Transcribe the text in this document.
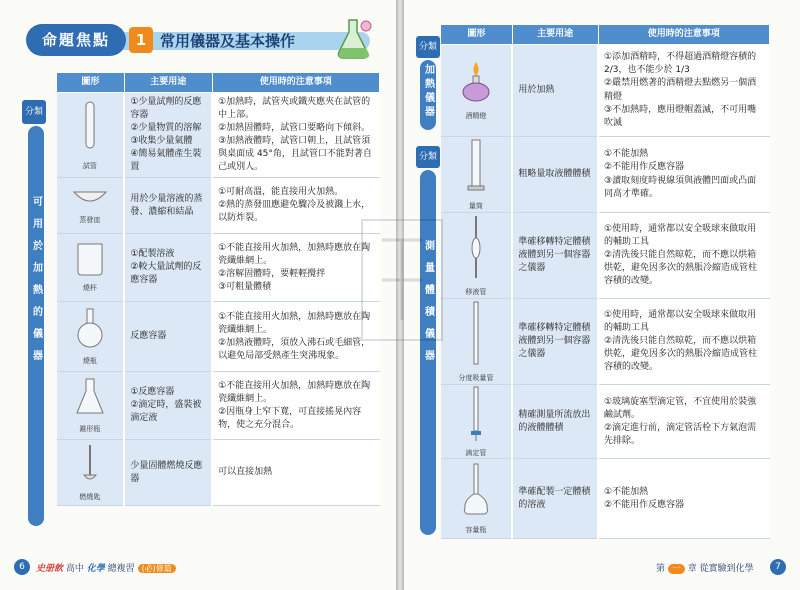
命題焦點	1 常用儀器及基本操作
分類
可用於加熱的儀器
圖形	主要用途	使用時的注意事項

試管	①少量試劑的反應容器
②少量物質的溶解
③收集少量氣體
④簡易氣體產生裝置	①加熱時，試管夾或鐵夾應夾在試管的中上部。
②加熱固體時，試管口要略向下傾斜。
③加熱液體時，試管口朝上，且試管須與桌面成 45°角，且試管口不能對著自己或別人。

蒸發皿	用於少量溶液的蒸發、濃縮和結晶	①可耐高溫，能直接用火加熱。
②熱的蒸發皿應避免驟冷及被濺上水，以防炸裂。

燒杯	①配製溶液
②較大量試劑的反應容器	①不能直接用火加熱，加熱時應放在陶瓷纖維網上。
②溶解固體時，要輕輕攪拌
③可粗量體積

燒瓶	反應容器	①不能直接用火加熱，加熱時應放在陶瓷纖維網上。
②加熱液體時，須放入沸石或毛細管，以避免局部受熱產生突沸現象。

錐形瓶	①反應容器
②滴定時，盛裝被滴定液	①不能直接用火加熱，加熱時應放在陶瓷纖維網上。
②因瓶身上窄下寬，可直接搖晃內容物，使之充分混合。

燃燒匙	少量固體燃燒反應器	可以直接加熱
6	史册飲 高中 化學 總複習 (必)修篇
分類
加熱儀器
分類
測量體積儀器
圖形	主要用途	使用時的注意事項

酒精燈	用於加熱	①添加酒精時，不得超過酒精燈容積的 2/3，也不能少於 1/3
②嚴禁用燃著的酒精燈去點燃另一個酒精燈
③不加熱時，應用燈帽蓋滅，不可用嘴吹滅

量筒	粗略量取液體體積	①不能加熱
②不能用作反應容器
③讀取刻度時視線須與液體凹面或凸面同高才準確。

移液管	準確移轉特定體積液體到另一個容器之儀器	①使用時，通常都以安全吸球來做取用的輔助工具
②清洗後只能自然晾乾，而不應以烘箱烘乾，避免因多次的熱脹冷縮造成管柱容積的改變。

分度吸量管	準確移轉特定體積液體到另一個容器之儀器	①使用時，通常都以安全吸球來做取用的輔助工具
②清洗後只能自然晾乾，而不應以烘箱烘乾，避免因多次的熱脹冷縮造成管柱容積的改變。

滴定管	精確測量所流放出的液體體積	①玻璃旋塞型滴定管，不宜使用於裝強鹼試劑。
②滴定進行前，滴定管活栓下方氣泡需先排除。

容量瓶	準確配製一定體積的溶液	①不能加熱
②不能用作反應容器
第 一 章 從實驗到化學	7
